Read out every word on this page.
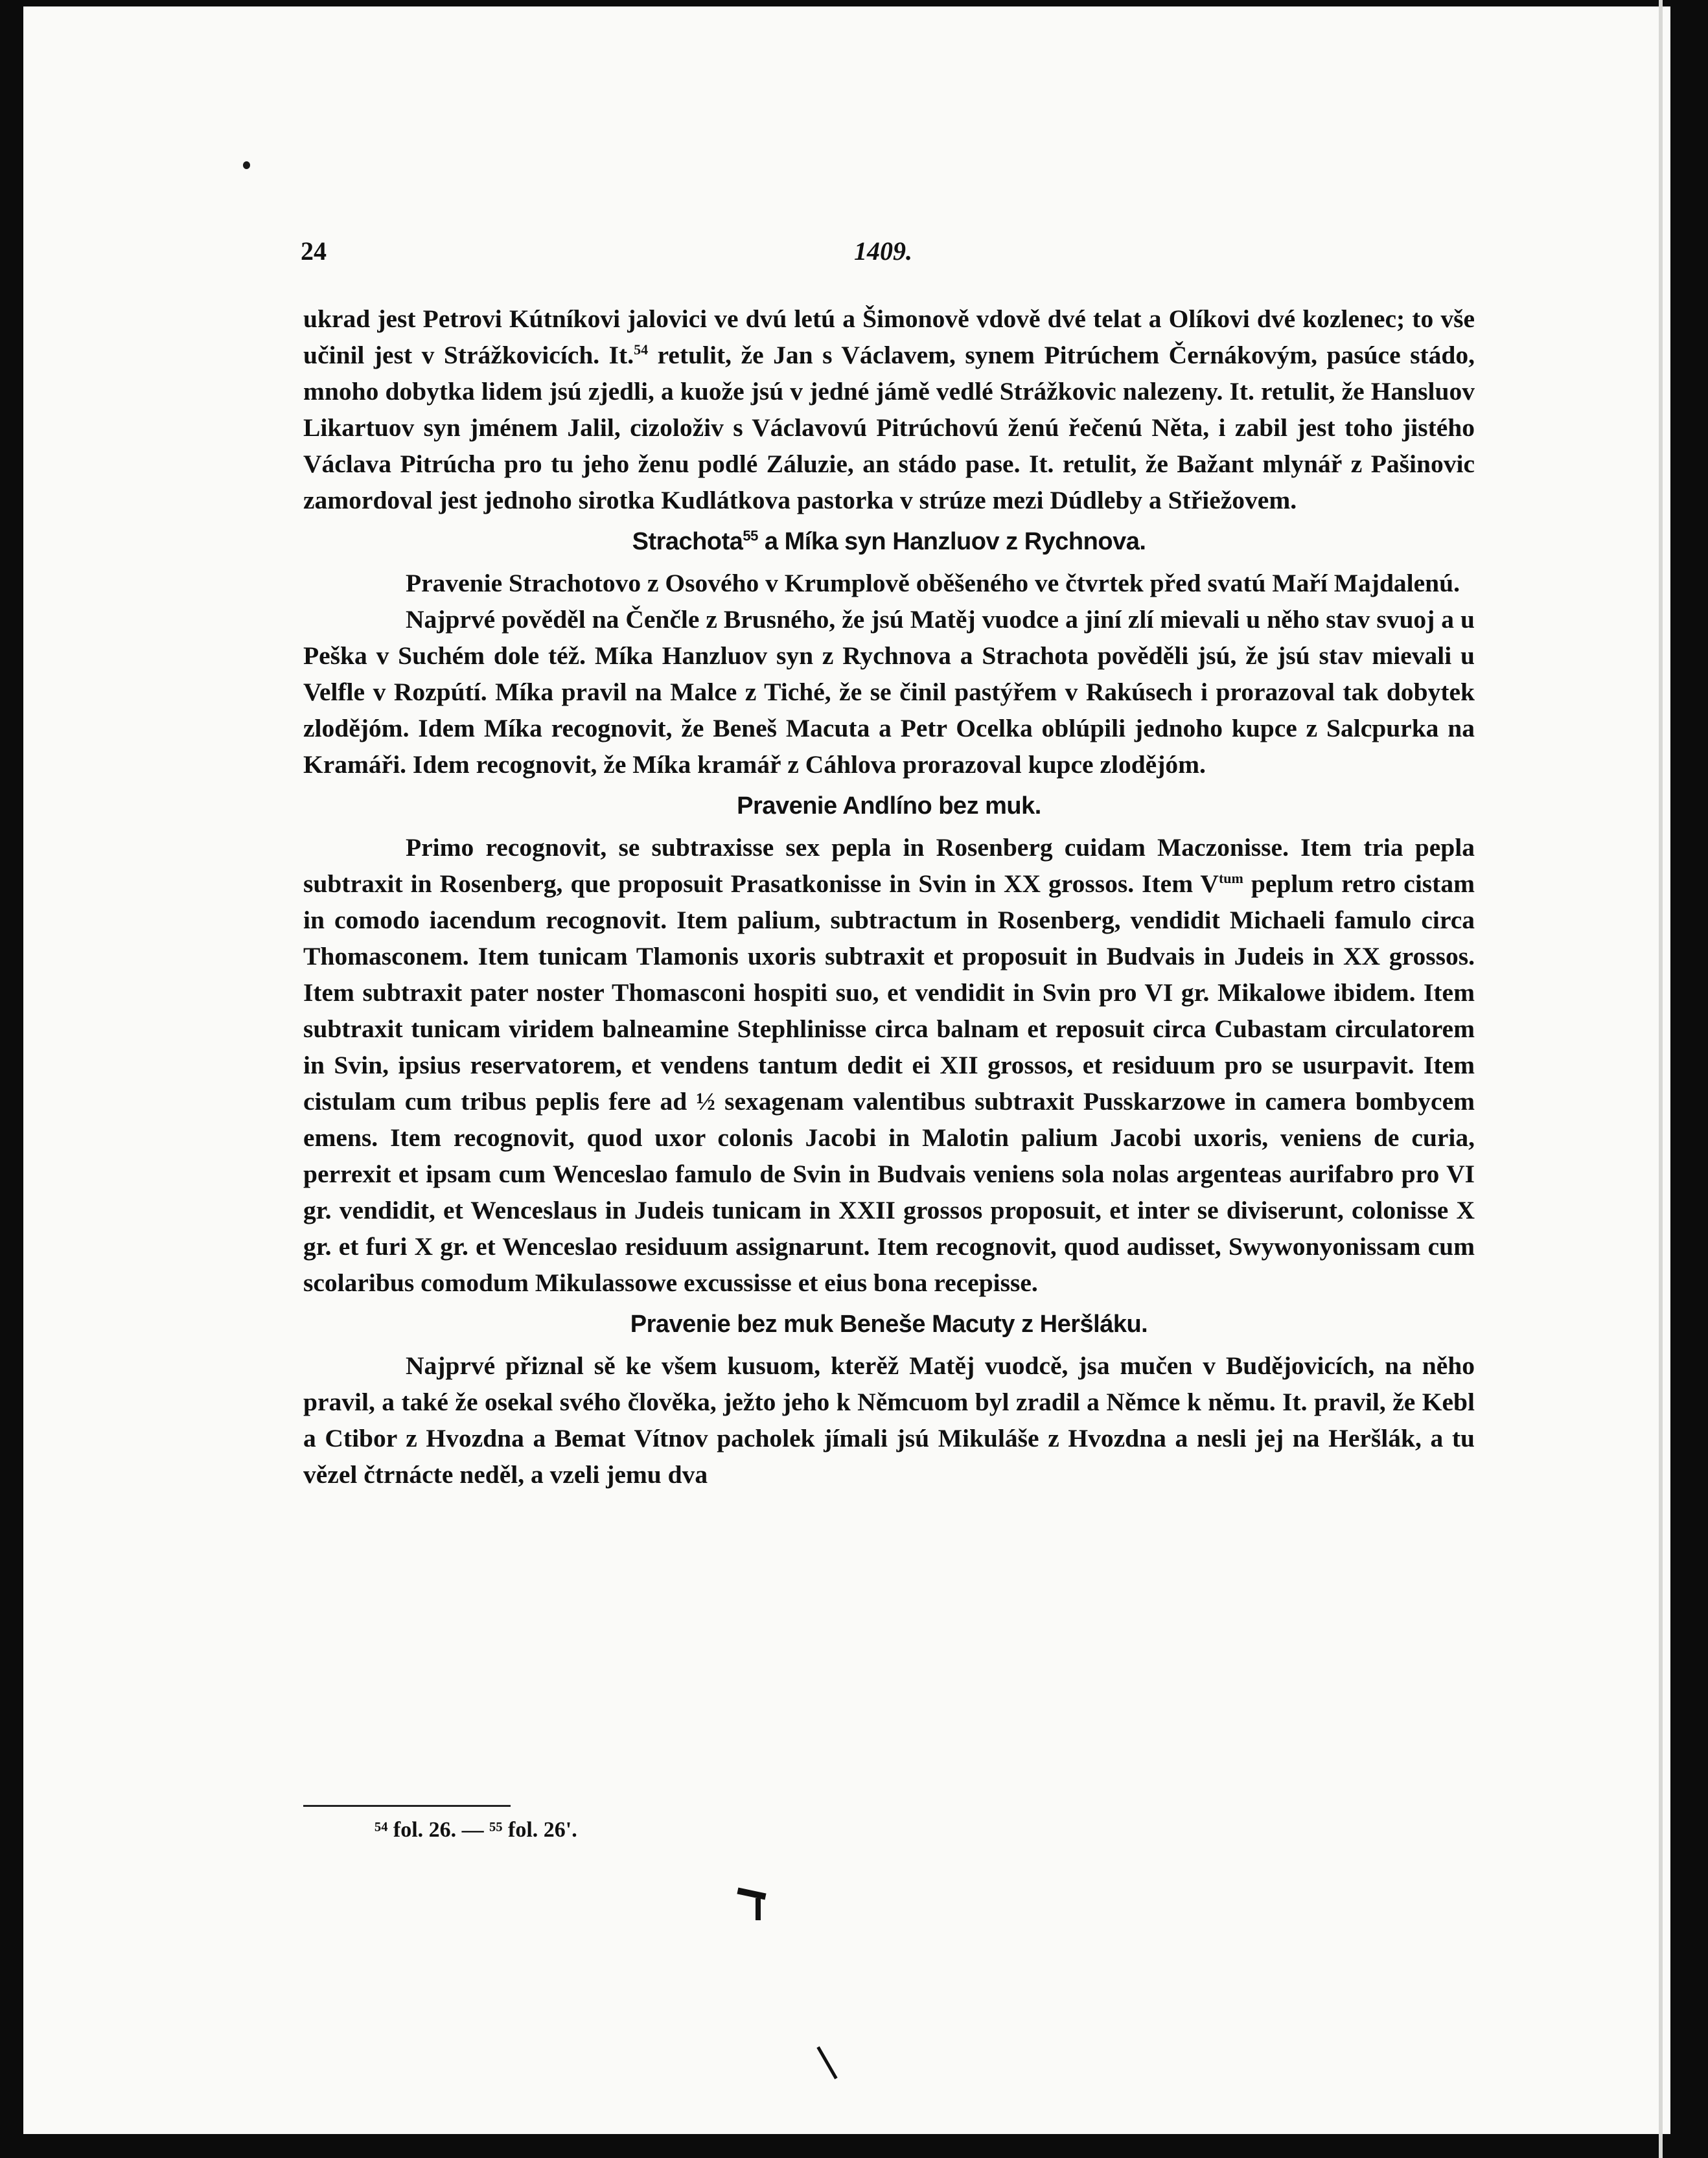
24	1409.

ukrad jest Petrovi Kútníkovi jalovici ve dvú letú a Šimonově vdově dvé telat a Olíkovi dvé kozlenec; to vše učinil jest v Strážkovicích. It.$^{54}$ retulit, že Jan s Václavem, synem Pitrúchem Černákovým, pasúce stádo, mnoho dobytka lidem jsú zjedli, a kuože jsú v jedné jámě vedlé Strážkovic nalezeny. It. retulit, že Hansluov Likartuov syn jménem Jalil, cizoloživ s Václavovú Pitrúchovú ženú řečenú Něta, i zabil jest toho jistého Václava Pitrúcha pro tu jeho ženu podlé Záluzie, an stádo pase. It. retulit, že Bažant mlynář z Pašinovic zamordoval jest jednoho sirotka Kudlátkova pastorka v strúze mezi Dúdleby a Střiežovem.

Strachota$^{55}$ a Míka syn Hanzluov z Rychnova.

Pravenie Strachotovo z Osového v Krumplově oběšeného ve čtvrtek před svatú Maří Majdalenú.

Najprvé pověděl na Čenčle z Brusného, že jsú Matěj vuodce a jiní zlí mievali u něho stav svuoj a u Peška v Suchém dole též. Míka Hanzluov syn z Rychnova a Strachota pověděli jsú, že jsú stav mievali u Velfle v Rozpútí. Míka pravil na Malce z Tiché, že se činil pastýřem v Rakúsech i prorazoval tak dobytek zlodějóm. Idem Míka recognovit, že Beneš Macuta a Petr Ocelka oblúpili jednoho kupce z Salcpurka na Kramáři. Idem recognovit, že Míka kramář z Cáhlova prorazoval kupce zlodějóm.

Pravenie Andlíno bez muk.

Primo recognovit, se subtraxisse sex pepla in Rosenberg cuidam Maczonisse. Item tria pepla subtraxit in Rosenberg, que proposuit Prasatkonisse in Svin in XX grossos. Item $V^{tum}$ peplum retro cistam in comodo iacendum recognovit. Item palium, subtractum in Rosenberg, vendidit Michaeli famulo circa Thomasconem. Item tunicam Tlamonis uxoris subtraxit et proposuit in Budvais in Judeis in XX grossos. Item subtraxit pater noster Thomasconi hospiti suo, et vendidit in Svin pro VI gr. Mikalowe ibidem. Item subtraxit tunicam viridem balneamine Stephlinisse circa balnam et reposuit circa Cubastam circulatorem in Svin, ipsius reservatorem, et vendens tantum dedit ei XII grossos, et residuum pro se usurpavit. Item cistulam cum tribus peplis fere ad ½ sexagenam valentibus subtraxit Pusskarzowe in camera bombycem emens. Item recognovit, quod uxor colonis Jacobi in Malotin palium Jacobi uxoris, veniens de curia, perrexit et ipsam cum Wenceslao famulo de Svin in Budvais veniens sola nolas argenteas aurifabro pro VI gr. vendidit, et Wenceslaus in Judeis tunicam in XXII grossos proposuit, et inter se diviserunt, colonisse X gr. et furi X gr. et Wenceslao residuum assignarunt. Item recognovit, quod audisset, Swywonyonissam cum scolaribus comodum Mikulassowe excussisse et eius bona recepisse.

Pravenie bez muk Beneše Macuty z Heršláku.

Najprvé přiznal sě ke všem kusuom, kterěž Matěj vuodcě, jsa mučen v Budějovicích, na něho pravil, a také že osekal svého člověka, ježto jeho k Němcuom byl zradil a Němce k němu. It. pravil, že Kebl a Ctibor z Hvozdna a Bemat Vítnov pacholek jímali jsú Mikuláše z Hvozdna a nesli jej na Heršlák, a tu vězel čtrnácte neděl, a vzeli jemu dva

⁵⁴ fol. 26. — ⁵⁵ fol. 26'.
